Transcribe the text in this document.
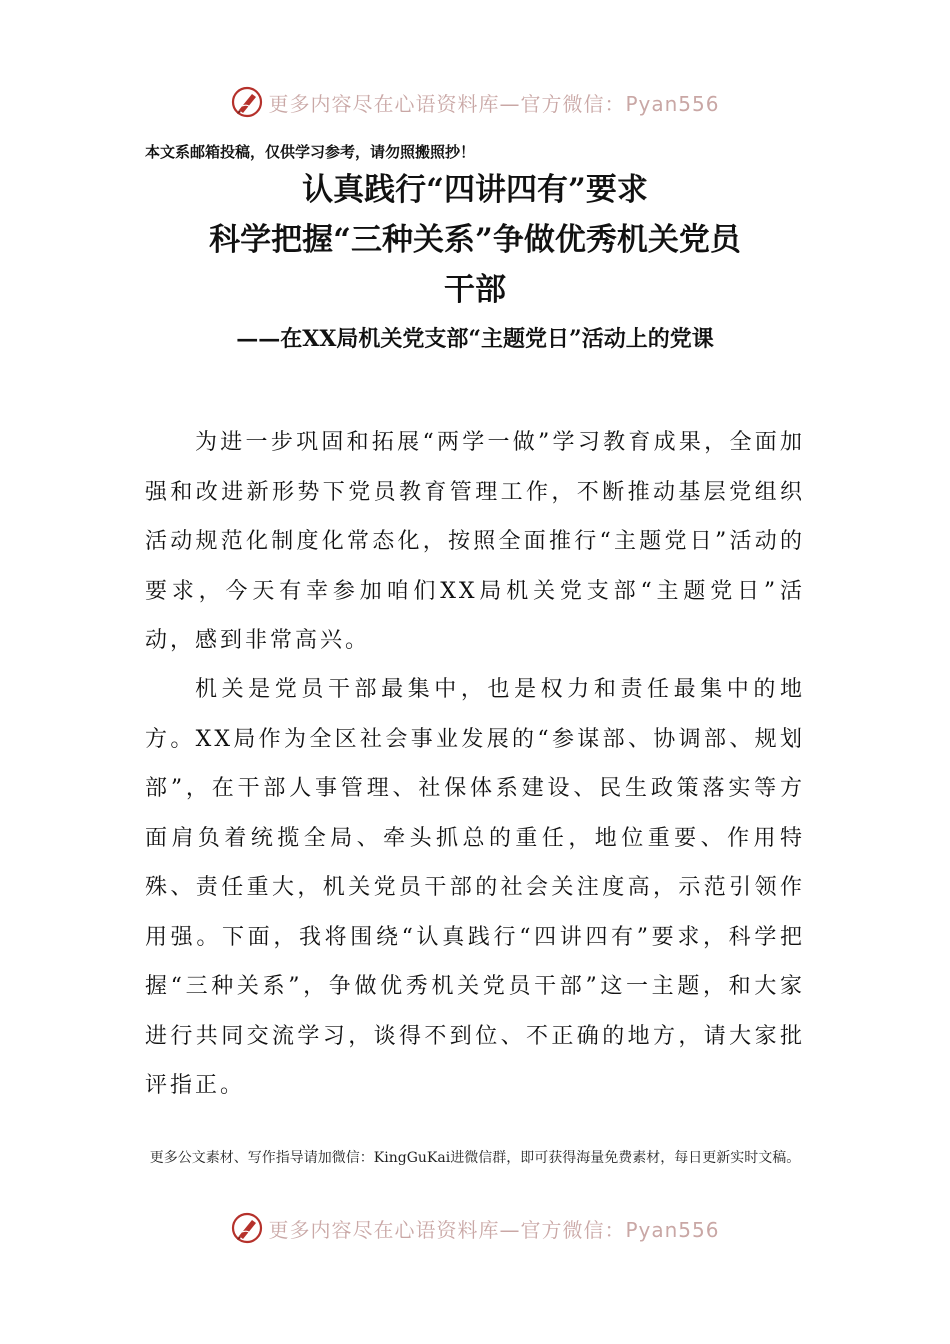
更多内容尽在心语资料库—官方微信：Pyan556
本文系邮箱投稿，仅供学习参考，请勿照搬照抄！
认真践行“四讲四有”要求
科学把握“三种关系”争做优秀机关党员
干部
——在XX局机关党支部“主题党日”活动上的党课

为进一步巩固和拓展“两学一做”学习教育成果，全面加强和改进新形势下党员教育管理工作，不断推动基层党组织活动规范化制度化常态化，按照全面推行“主题党日”活动的要求，今天有幸参加咱们XX局机关党支部“主题党日”活动，感到非常高兴。

机关是党员干部最集中，也是权力和责任最集中的地方。XX局作为全区社会事业发展的“参谋部、协调部、规划部”，在干部人事管理、社保体系建设、民生政策落实等方面肩负着统揽全局、牵头抓总的重任，地位重要、作用特殊、责任重大，机关党员干部的社会关注度高，示范引领作用强。下面，我将围绕“认真践行“四讲四有”要求，科学把握“三种关系”，争做优秀机关党员干部”这一主题，和大家进行共同交流学习，谈得不到位、不正确的地方，请大家批评指正。

更多公文素材、写作指导请加微信：KingGuKai进微信群，即可获得海量免费素材，每日更新实时文稿。
更多内容尽在心语资料库—官方微信：Pyan556
